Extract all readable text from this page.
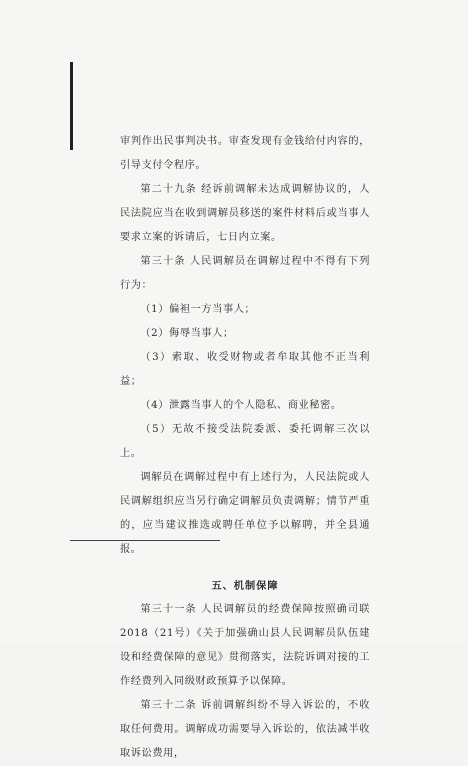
审判作出民事判决书。审查发现有金钱给付内容的，引导支付令程序。

第二十九条 经诉前调解未达成调解协议的，人民法院应当在收到调解员移送的案件材料后或当事人要求立案的诉请后，七日内立案。

第三十条 人民调解员在调解过程中不得有下列行为：

（1）偏袒一方当事人；

（2）侮辱当事人；

（3）索取、收受财物或者牟取其他不正当利益；

（4）泄露当事人的个人隐私、商业秘密。

（5）无故不接受法院委派、委托调解三次以上。

调解员在调解过程中有上述行为，人民法院或人民调解组织应当另行确定调解员负责调解；情节严重的，应当建议推选或聘任单位予以解聘，并全县通报。

五、机制保障

第三十一条 人民调解员的经费保障按照确司联2018（21号）《关于加强确山县人民调解员队伍建设和经费保障的意见》贯彻落实，法院诉调对接的工作经费列入同级财政预算予以保障。

第三十二条 诉前调解纠纷不导入诉讼的，不收取任何费用。调解成功需要导入诉讼的，依法减半收取诉讼费用，
